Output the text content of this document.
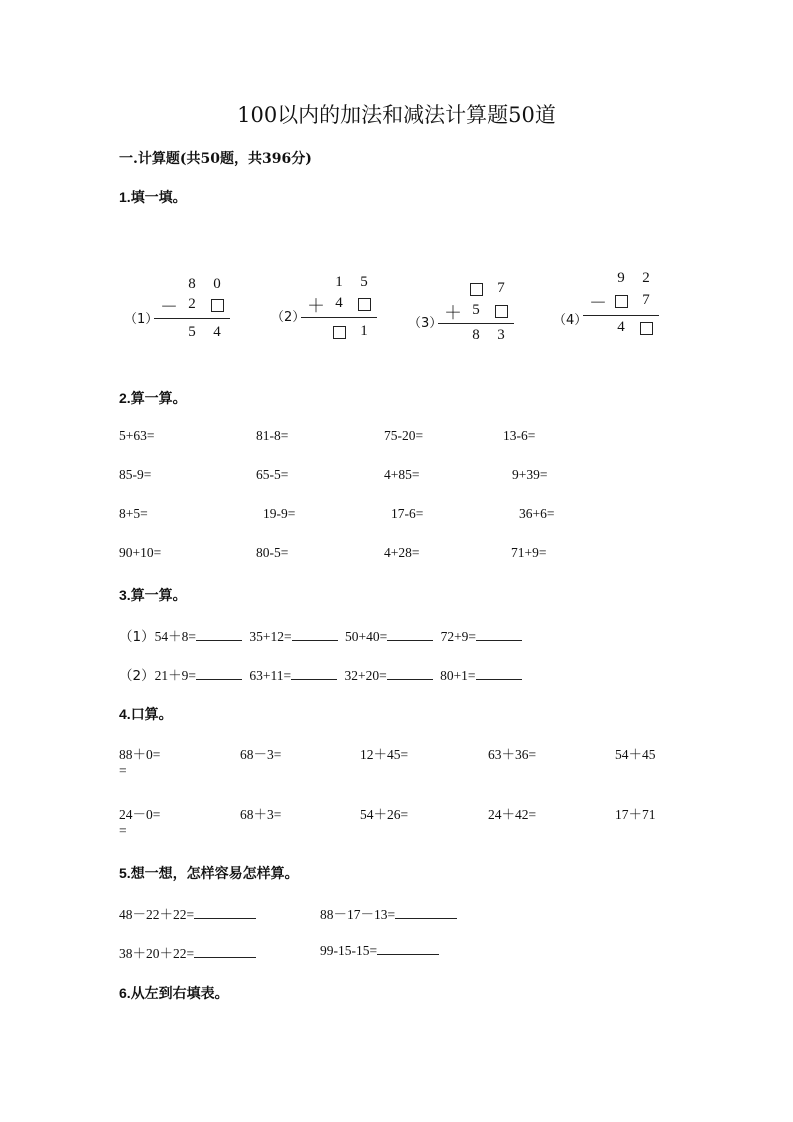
100以内的加法和减法计算题50道
一.计算题(共50题，共396分)
1.填一填。
（1）
8 0
－ 2
5 4
（2）
1 5
＋ 4
1	（3）
7
＋ 5
8 3
（4）
9 2
－ 7
4
2.算一算。
5+63=	81-8=	75-20=	13-6=
85-9=	65-5=	4+85=	9+39=
8+5=	19-9=	17-6=	36+6=
90+10=	80-5=	4+28=	71+9=
3.算一算。
（1）54＋8=	35+12=	50+40=	72+9=
（2）21＋9=	63+11=	32+20=	80+1=
4.口算。
88＋0=	68－3=	12＋45=	63＋36=	54＋45
=
24－0=	68＋3=	54＋26=	24＋42=	17＋71
=
5.想一想，怎样容易怎样算。
48－22＋22=	88－17－13=
38＋20＋22=	99-15-15=
6.从左到右填表。
